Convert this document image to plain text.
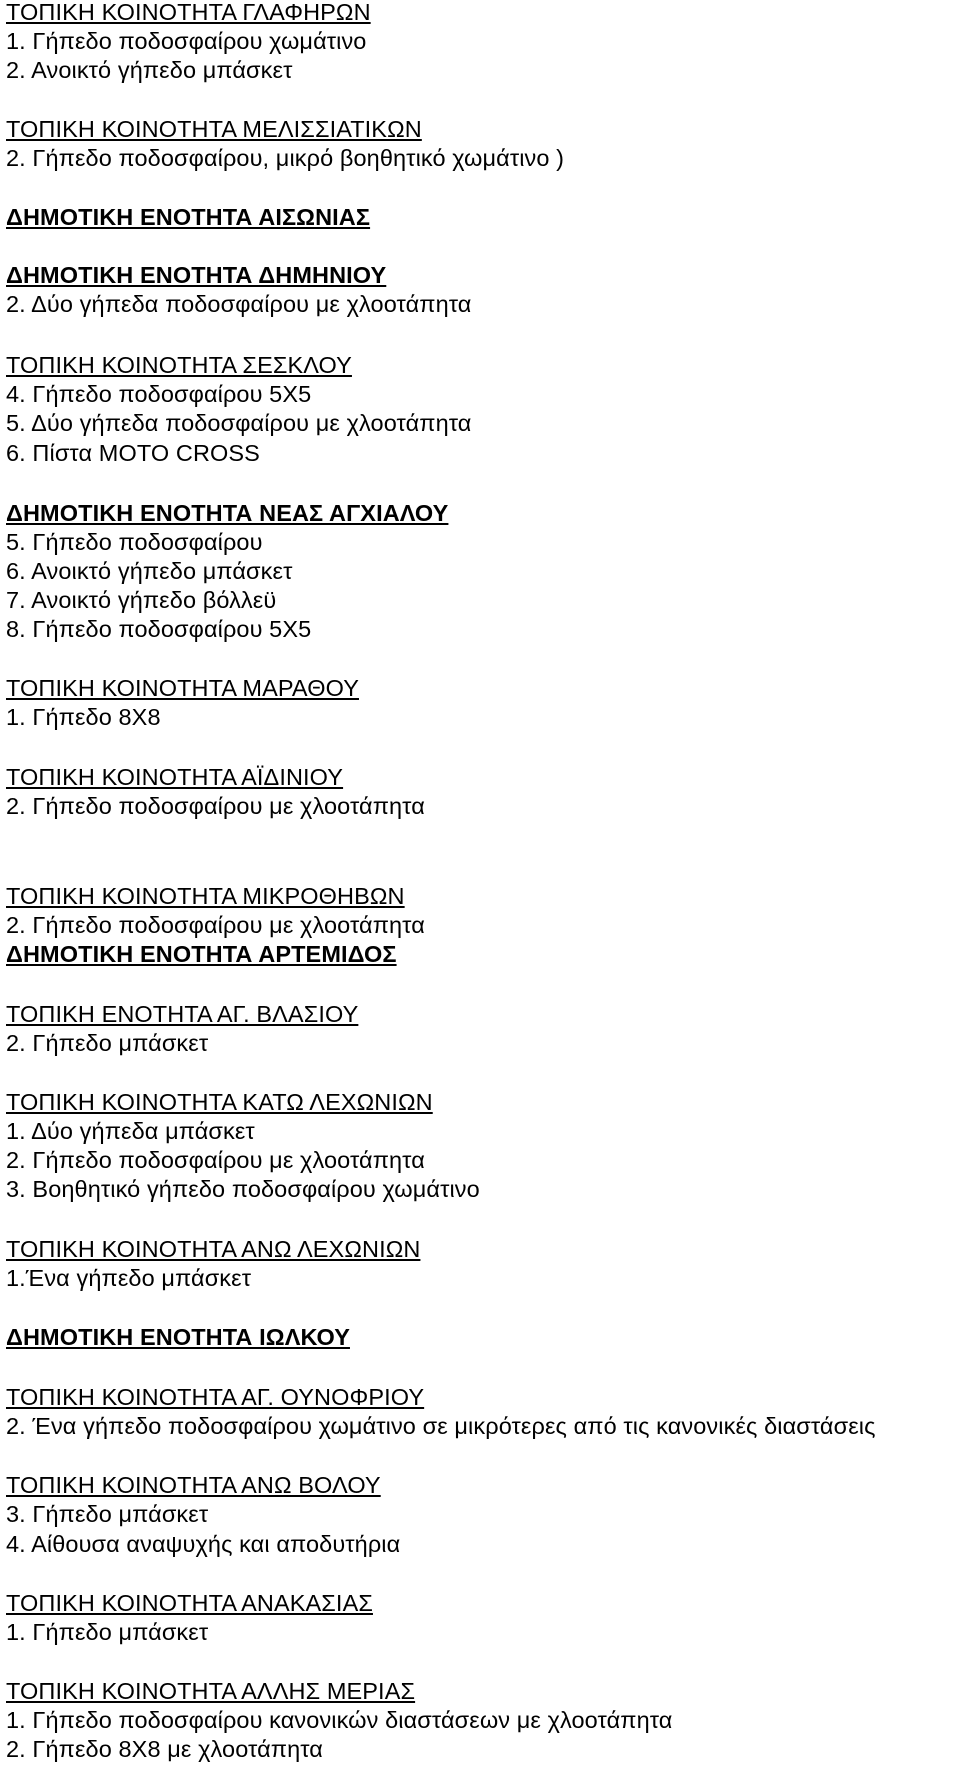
ΤΟΠΙΚΗ ΚΟΙΝΟΤΗΤΑ ΓΛΑΦΗΡΩΝ
1. Γήπεδο ποδοσφαίρου χωμάτινο
2. Ανοικτό γήπεδο μπάσκετ
ΤΟΠΙΚΗ ΚΟΙΝΟΤΗΤΑ ΜΕΛΙΣΣΙΑΤΙΚΩΝ
2. Γήπεδο ποδοσφαίρου, μικρό βοηθητικό χωμάτινο )
ΔΗΜΟΤΙΚΗ ΕΝΟΤΗΤΑ ΑΙΣΩΝΙΑΣ
ΔΗΜΟΤΙΚΗ ΕΝΟΤΗΤΑ ΔΗΜΗΝΙΟΥ
2. Δύο γήπεδα ποδοσφαίρου με χλοοτάπητα
ΤΟΠΙΚΗ ΚΟΙΝΟΤΗΤΑ ΣΕΣΚΛΟΥ
4. Γήπεδο ποδοσφαίρου 5Χ5
5. Δύο γήπεδα ποδοσφαίρου με χλοοτάπητα
6. Πίστα MOTO CROSS
ΔΗΜΟΤΙΚΗ ΕΝΟΤΗΤΑ ΝΕΑΣ ΑΓΧΙΑΛΟΥ
5. Γήπεδο ποδοσφαίρου
6. Ανοικτό γήπεδο μπάσκετ
7. Ανοικτό γήπεδο βόλλεϋ
8. Γήπεδο ποδοσφαίρου 5Χ5
ΤΟΠΙΚΗ ΚΟΙΝΟΤΗΤΑ ΜΑΡΑΘΟΥ
1. Γήπεδο 8Χ8
ΤΟΠΙΚΗ ΚΟΙΝΟΤΗΤΑ ΑΪΔΙΝΙΟΥ
2. Γήπεδο ποδοσφαίρου με χλοοτάπητα
ΤΟΠΙΚΗ ΚΟΙΝΟΤΗΤΑ ΜΙΚΡΟΘΗΒΩΝ
2. Γήπεδο ποδοσφαίρου με χλοοτάπητα
ΔΗΜΟΤΙΚΗ ΕΝΟΤΗΤΑ ΑΡΤΕΜΙΔΟΣ
ΤΟΠΙΚΗ ΕΝΟΤΗΤΑ ΑΓ. ΒΛΑΣΙΟΥ
2. Γήπεδο μπάσκετ
ΤΟΠΙΚΗ ΚΟΙΝΟΤΗΤΑ ΚΑΤΩ ΛΕΧΩΝΙΩΝ
1. Δύο γήπεδα μπάσκετ
2. Γήπεδο ποδοσφαίρου με χλοοτάπητα
3. Βοηθητικό γήπεδο ποδοσφαίρου χωμάτινο
ΤΟΠΙΚΗ ΚΟΙΝΟΤΗΤΑ ΑΝΩ ΛΕΧΩΝΙΩΝ
1.Ένα γήπεδο μπάσκετ
ΔΗΜΟΤΙΚΗ ΕΝΟΤΗΤΑ ΙΩΛΚΟΥ
ΤΟΠΙΚΗ ΚΟΙΝΟΤΗΤΑ ΑΓ. ΟΥΝΟΦΡΙΟΥ
2. Ένα γήπεδο ποδοσφαίρου χωμάτινο σε μικρότερες από τις κανονικές διαστάσεις
ΤΟΠΙΚΗ ΚΟΙΝΟΤΗΤΑ ΑΝΩ ΒΟΛΟΥ
3. Γήπεδο μπάσκετ
4. Αίθουσα αναψυχής και αποδυτήρια
ΤΟΠΙΚΗ ΚΟΙΝΟΤΗΤΑ ΑΝΑΚΑΣΙΑΣ
1. Γήπεδο μπάσκετ
ΤΟΠΙΚΗ ΚΟΙΝΟΤΗΤΑ ΑΛΛΗΣ ΜΕΡΙΑΣ
1. Γήπεδο ποδοσφαίρου κανονικών διαστάσεων με χλοοτάπητα
2. Γήπεδο 8Χ8 με χλοοτάπητα
